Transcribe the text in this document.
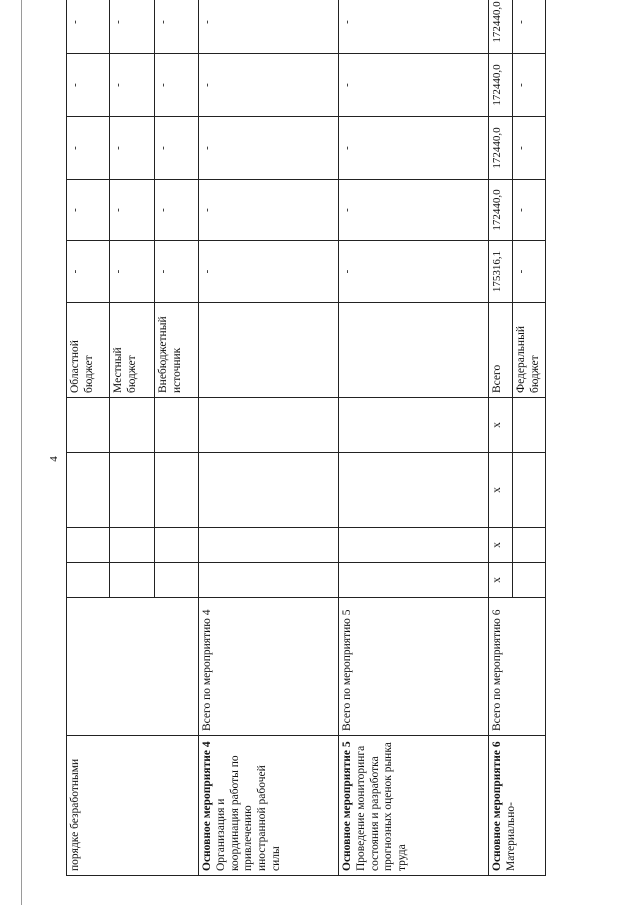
4
порядке безработными						Областной бюджет	-	-	-	-	-	
						Местный бюджет	-	-	-	-	-	
						Внебюджетный источник	-	-	-	-	-	

Основное мероприятие 4 Организация и координация работы по привлечению иностранной рабочей силы	Всего по мероприятию 4						-	-	-	-	-	

Основное мероприятие 5 Проведение мониторинга состояния и разработка прогнозных оценок рынка труда	Всего по мероприятию 5						-	-	-	-	-	

Основное мероприятие 6 Материально-	Всего по мероприятию 6	x	x	x	x	Всего	175316,1	172440,0	172440,0	172440,0	172440,0	
						Федеральный бюджет	-	-	-	-	-	
